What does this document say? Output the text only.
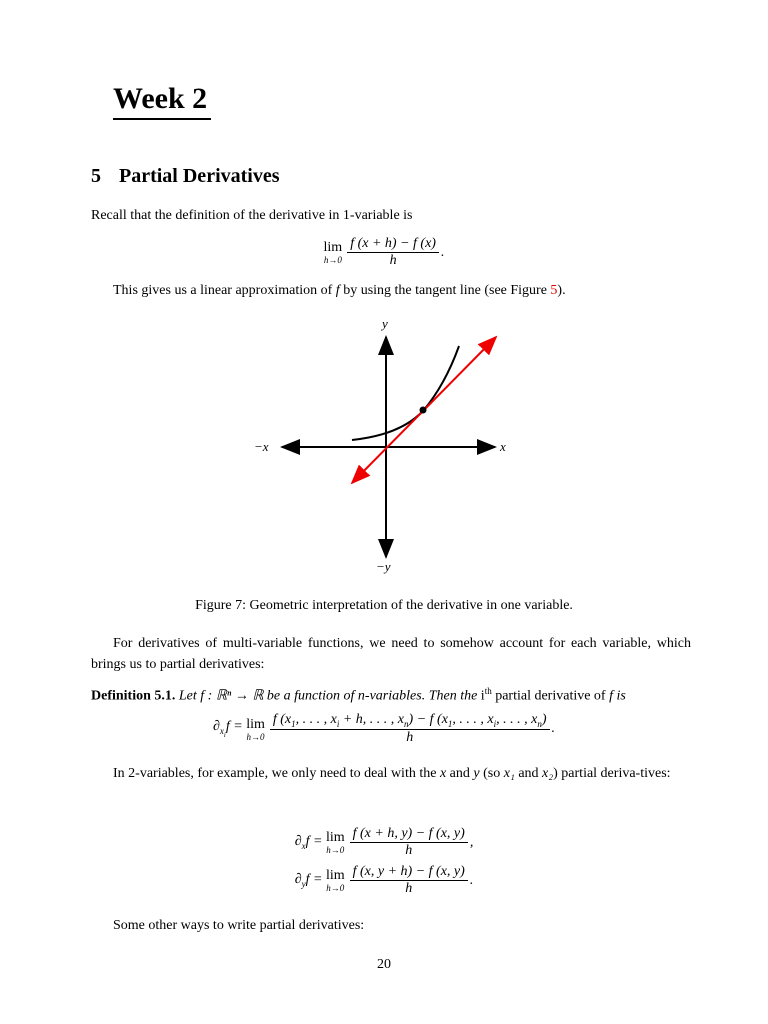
Week 2
5 Partial Derivatives
Recall that the definition of the derivative in 1-variable is
lim
$h\to 0 \frac{f (x + h) - f (x)}{h}$ .
This gives us a linear approximation of f by using the tangent line (see Figure 5).
y
−y
x
−x
Figure 7: Geometric interpretation of the derivative in one variable.
For derivatives of multi-variable functions, we need to somehow account for each variable, which brings us to partial derivatives:
Definition 5.1. Let f : ℝⁿ → ℝ be a function of n-variables. Then the $i^{th}$ partial derivative of f is
$\partial_{x_i}f = \lim$
h→0
f ($x_1$, . . . , $x_i + h$, . . . , $x_n) - f$ ($x_1$, . . . , $x_i$, . . . , $x_n$)
h
.
In 2-variables, for example, we only need to deal with the x and y (so x₁ and x₂) partial deriva-tives:
$\partial_xf = \lim$
$h\to 0 \frac{f (x + h, y) - f (x, y)}{h}$ ,
$\partial_yf = \lim$
$h\to 0 \frac{f (x, y + h) - f (x, y)}{h}$ .
Some other ways to write partial derivatives:
20
